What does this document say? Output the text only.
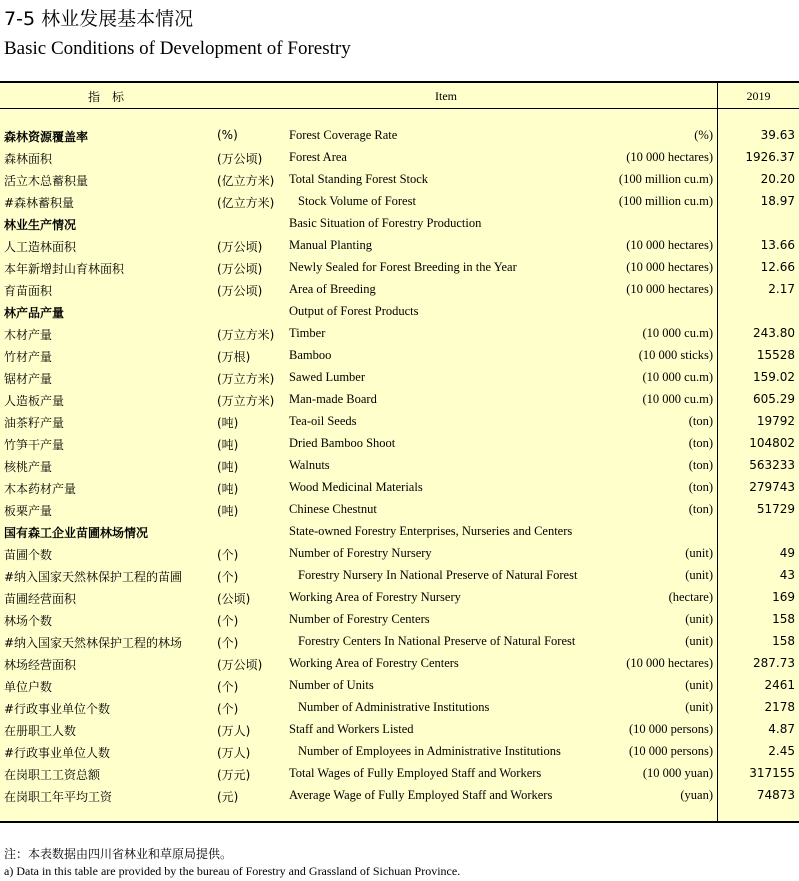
7-5 林业发展基本情况
Basic Conditions of Development of Forestry
指　标	Item	2019
森林资源覆盖率	(%)	Forest Coverage Rate	(%)	39.63
森林面积	(万公顷) Forest Area	(10 000 hectares)	1926.37
活立木总蓄积量	(亿立方米) Total Standing Forest Stock	(100 million cu.m)	20.20
#森林蓄积量	(亿立方米) Stock Volume of Forest	(100 million cu.m)	18.97
林业生产情况	Basic Situation of Forestry Production
人工造林面积	(万公顷) Manual Planting	(10 000 hectares)	13.66
本年新增封山育林面积	(万公顷) Newly Sealed for Forest Breeding in the Year	(10 000 hectares)	12.66
育苗面积	(万公顷) Area of Breeding	(10 000 hectares)	2.17
林产品产量	Output of Forest Products
木材产量	(万立方米) Timber	(10 000 cu.m)	243.80
竹材产量	(万根)	Bamboo	(10 000 sticks)	15528
锯材产量	(万立方米) Sawed Lumber	(10 000 cu.m)	159.02
人造板产量	(万立方米) Man-made Board	(10 000 cu.m)	605.29
油茶籽产量	(吨)	Tea-oil Seeds	(ton)	19792
竹笋干产量	(吨)	Dried Bamboo Shoot	(ton)	104802
核桃产量	(吨)	Walnuts	(ton)	563233
木本药材产量	(吨)	Wood Medicinal Materials	(ton)	279743
板栗产量	(吨)	Chinese Chestnut	(ton)	51729
国有森工企业苗圃林场情况	State-owned Forestry Enterprises, Nurseries and Centers
苗圃个数	(个)	Number of Forestry Nursery	(unit)	49
#纳入国家天然林保护工程的苗圃	(个)	Forestry Nursery In National Preserve of Natural Forest	(unit)	43
苗圃经营面积	(公顷)	Working Area of Forestry Nursery	(hectare)	169
林场个数	(个)	Number of Forestry Centers	(unit)	158
#纳入国家天然林保护工程的林场	(个)	Forestry Centers In National Preserve of Natural Forest	(unit)	158
林场经营面积	(万公顷) Working Area of Forestry Centers	(10 000 hectares)	287.73
单位户数	(个)	Number of Units	(unit)	2461
#行政事业单位个数	(个)	Number of Administrative Institutions	(unit)	2178
在册职工人数	(万人)	Staff and Workers Listed	(10 000 persons)	4.87
#行政事业单位人数	(万人)	Number of Employees in Administrative Institutions	(10 000 persons)	2.45
在岗职工工资总额	(万元)	Total Wages of Fully Employed Staff and Workers	(10 000 yuan)	317155
在岗职工年平均工资	(元)	Average Wage of Fully Employed Staff and Workers	(yuan)	74873
注：本表数据由四川省林业和草原局提供。
a) Data in this table are provided by the bureau of Forestry and Grassland of Sichuan Province.
